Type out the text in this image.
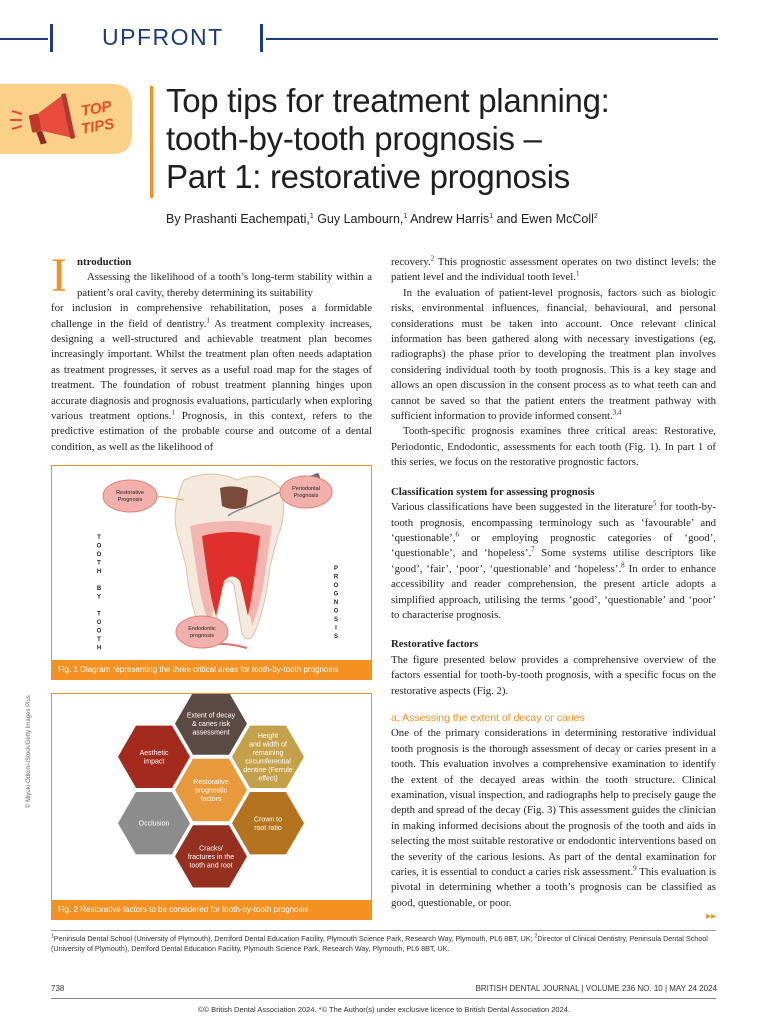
UPFRONT
TOP
TIPS
Top tips for treatment planning:
tooth-by-tooth prognosis –
Part 1: restorative prognosis
By Prashanti Eachempati,$^1$ Guy Lambourn,$^1$ Andrew Harris$^1$ and Ewen McColl$^2$
I ntroduction
Assessing the likelihood of a tooth’s long-term stability within a patient’s oral cavity, thereby determining its suitability
for inclusion in comprehensive rehabilitation, poses a formidable challenge in the field of dentistry.$^1$ As treatment complexity increases, designing a well-structured and achievable treatment plan becomes increasingly important. Whilst the treatment plan often needs adaptation as treatment progresses, it serves as a useful road map for the stages of treatment. The foundation of robust treatment planning hinges upon accurate diagnosis and prognosis evaluations, particularly when exploring various treatment options.$^1$ Prognosis, in this context, refers to the predictive estimation of the probable course and outcome of a dental condition, as well as the likelihood of
Restorative
Prognosis
Periodontal
Prognosis
Endodontic
prognosis
T
O
O
T
H
B
Y
T
O
O
T
H
P
R
O
G
N
O
S
I
S
Fig. 1 Diagram representing the three critical areas for tooth-by-tooth prognosis
Restorative
prognostic
factors
Extent of decay
& caries risk
assessment	Height
and width of
remaining
circumferential
dentine (Ferrule
effect)
Crown to
root ratio
Cracks/
fractures in the
tooth and root
Occlusion
Aesthetic
impact
Fig. 2 Restorative factors to be considered for tooth-by-tooth prognosis
© Miyuki-Odkimi-iStock/Getty Images Plus
recovery.$^2$ This prognostic assessment operates on two distinct levels: the patient level and the individual tooth level.$^1$
In the evaluation of patient-level prognosis, factors such as biologic risks, environmental influences, financial, behavioural, and personal considerations must be taken into account. Once relevant clinical information has been gathered along with necessary investigations (eg, radiographs) the phase prior to developing the treatment plan involves considering individual tooth by tooth prognosis. This is a key stage and allows an open discussion in the consent process as to what teeth can and cannot be saved so that the patient enters the treatment pathway with sufficient information to provide informed consent.$^{3,4}$
Tooth-specific prognosis examines three critical areas: Restorative, Periodontic, Endodontic, assessments for each tooth (Fig. 1). In part 1 of this series, we focus on the restorative prognostic factors.
Classification system for assessing prognosis
Various classifications have been suggested in the literature$^5$ for tooth-by-tooth prognosis, encompassing terminology such as ‘favourable’ and ‘questionable’,$^6$ or employing prognostic categories of ‘good’, ‘questionable’, and ‘hopeless’.$^7$ Some systems utilise descriptors like ‘good’, ‘fair’, ‘poor’, ‘questionable’ and ‘hopeless’.$^8$ In order to enhance accessibility and reader comprehension, the present article adopts a simplified approach, utilising the terms ‘good’, ‘questionable’ and ‘poor’ to characterise prognosis.
Restorative factors
The figure presented below provides a comprehensive overview of the factors essential for tooth-by-tooth prognosis, with a specific focus on the restorative aspects (Fig. 2).
a. Assessing the extent of decay or caries
One of the primary considerations in determining restorative individual tooth prognosis is the thorough assessment of decay or caries present in a tooth. This evaluation involves a comprehensive examination to identify the extent of the decayed areas within the tooth structure. Clinical examination, visual inspection, and radiographs help to precisely gauge the depth and spread of the decay (Fig. 3) This assessment guides the clinician in making informed decisions about the prognosis of the tooth and aids in selecting the most suitable restorative or endodontic interventions based on the severity of the carious lesions. As part of the dental examination for caries, it is essential to conduct a caries risk assessment.$^9$ This evaluation is pivotal in determining whether a tooth’s prognosis can be classified as good, questionable, or poor.
▸▸
$^1$Peninsula Dental School (University of Plymouth), Derriford Dental Education Facility, Plymouth Science Park, Research Way, Plymouth, PL6 8BT, UK; $^2$Director of Clinical Dentistry, Peninsula Dental School (University of Plymouth), Derriford Dental Education Facility, Plymouth Science Park, Research Way, Plymouth, PL6 8BT, UK.
738	BRITISH DENTAL JOURNAL | VOLUME 236 NO. 10 | MAY 24 2024
©© British Dental Association 2024. *© The Author(s) under exclusive licence to British Dental Association 2024.
